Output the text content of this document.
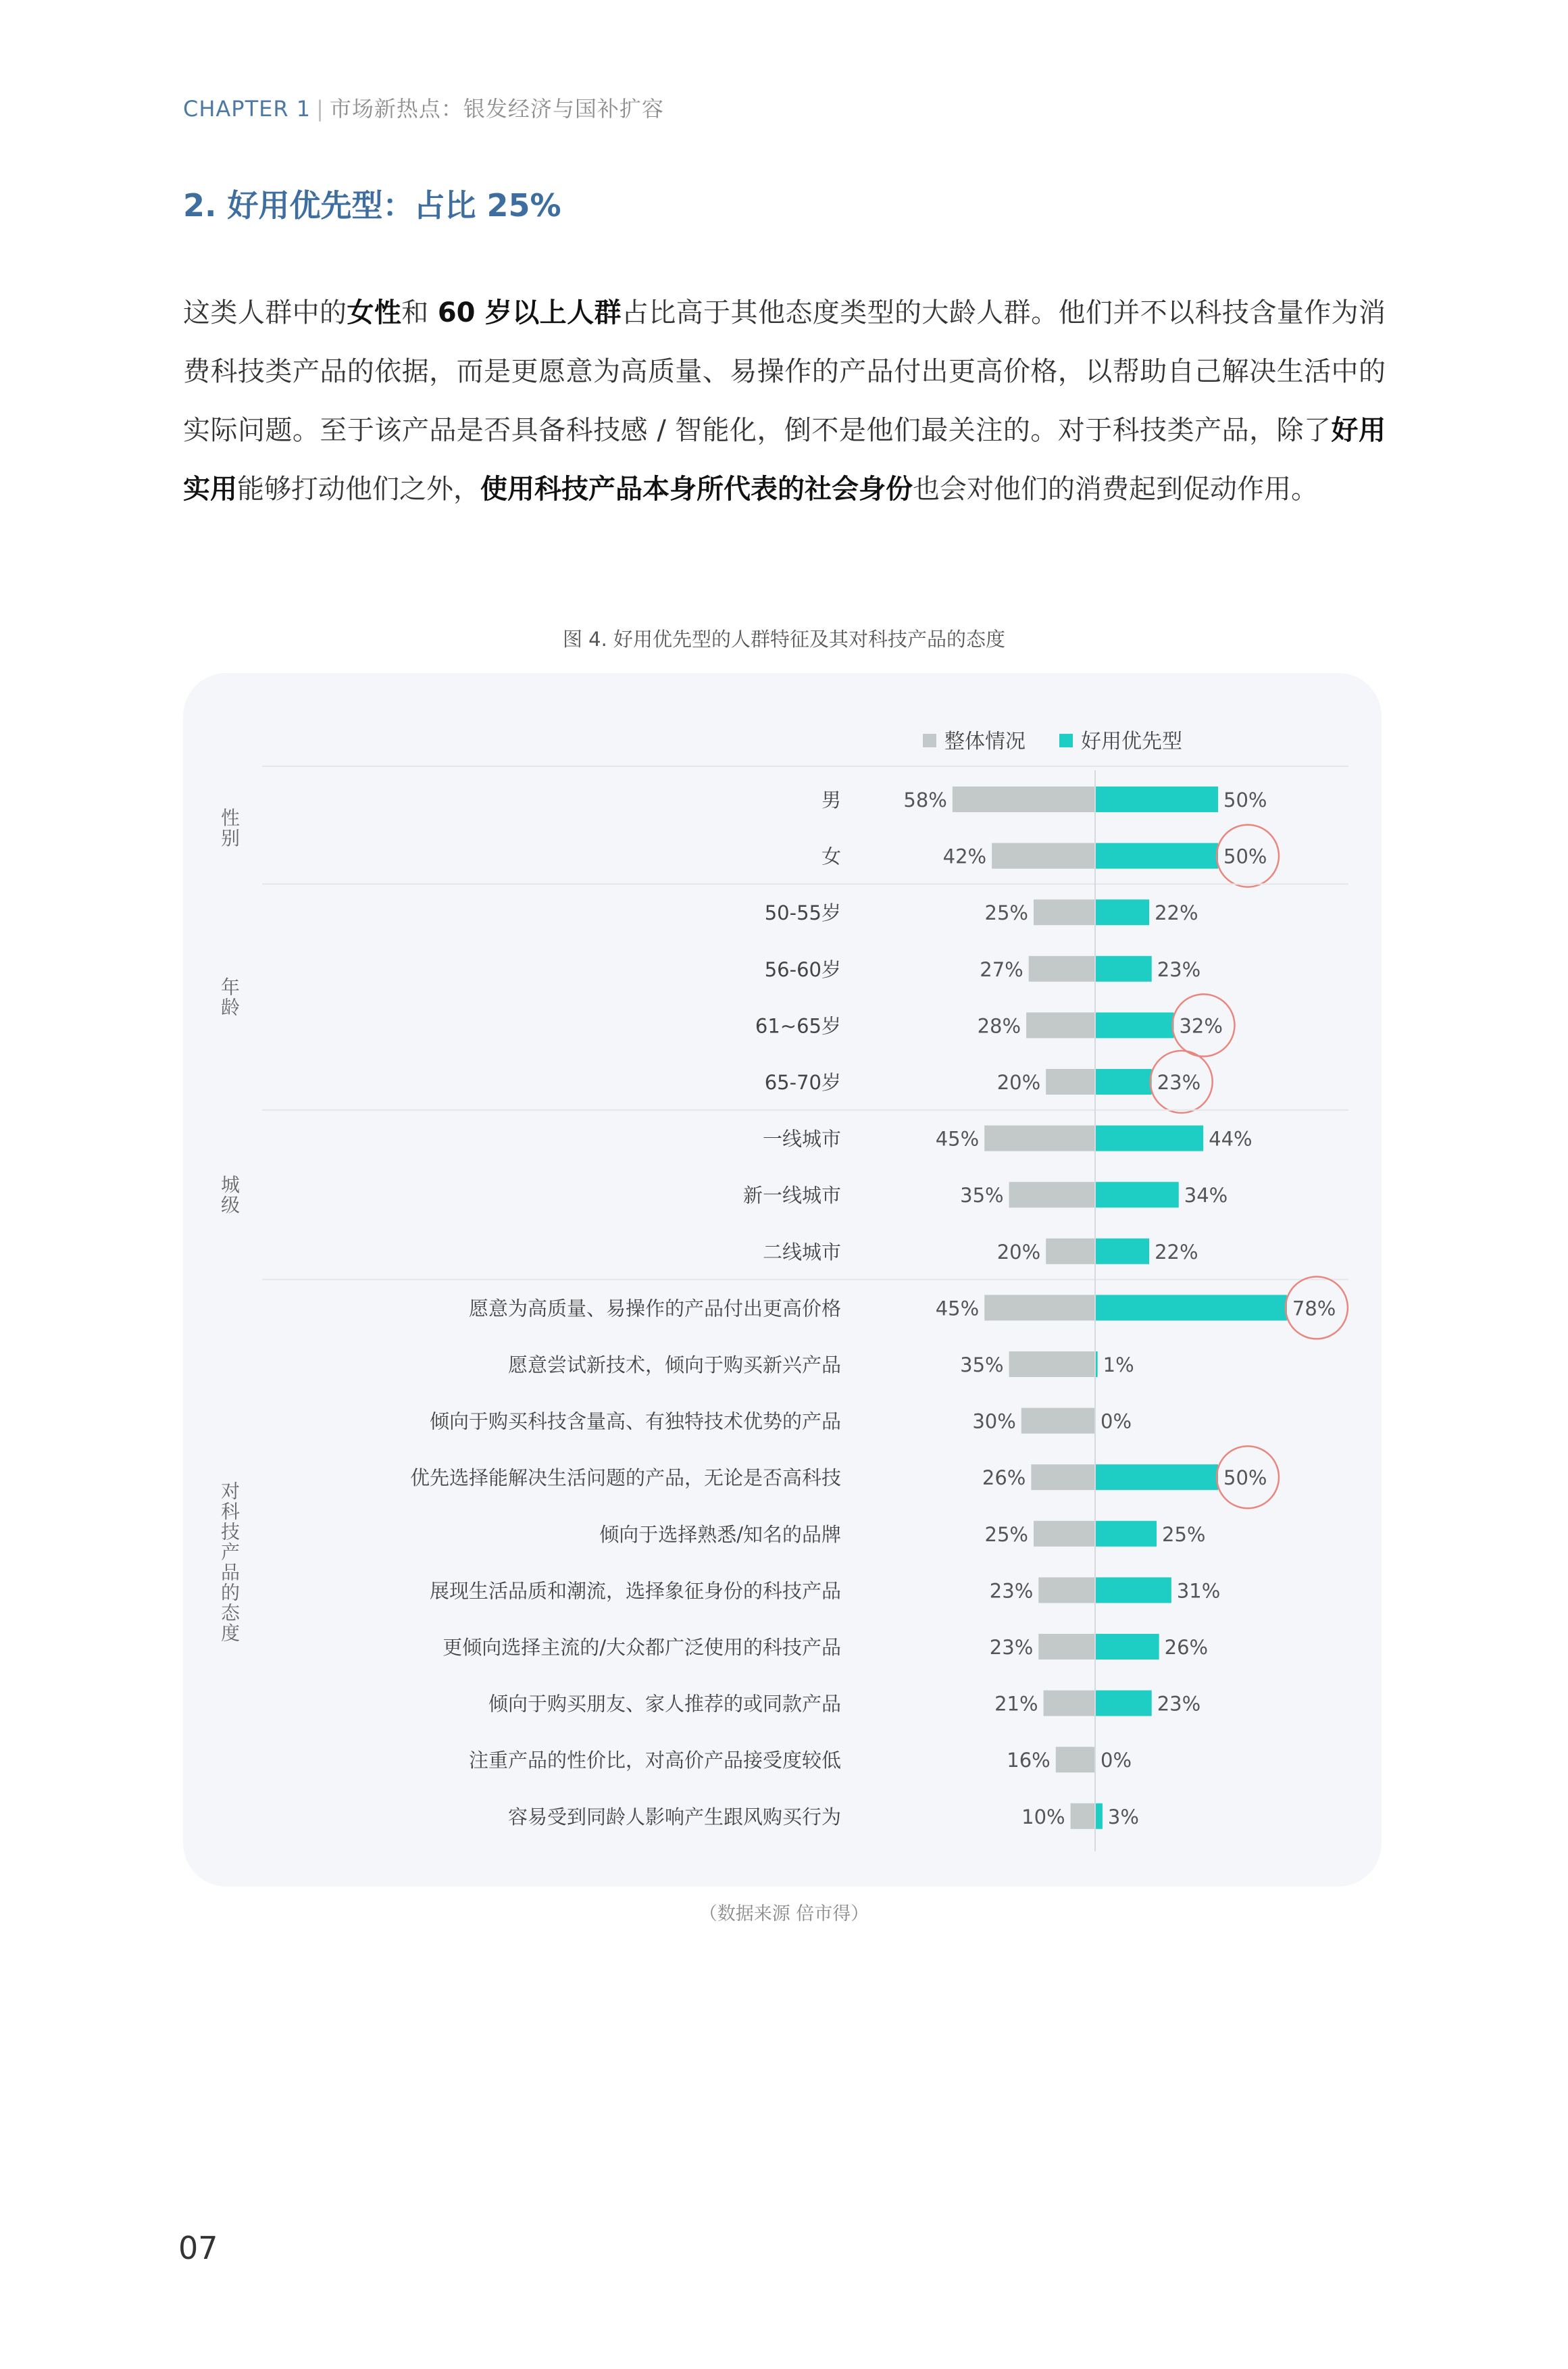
CHAPTER 1 | 市场新热点：银发经济与国补扩容
2. 好用优先型：占比 25%
这类人群中的女性和 60 岁以上人群占比高于其他态度类型的大龄人群。他们并不以科技含量作为消费科技类产品的依据，而是更愿意为高质量、易操作的产品付出更高价格，以帮助自己解决生活中的实际问题。至于该产品是否具备科技感 / 智能化，倒不是他们最关注的。对于科技类产品，除了好用实用能够打动他们之外，使用科技产品本身所代表的社会身份也会对他们的消费起到促动作用。
图 4. 好用优先型的人群特征及其对科技产品的态度
整体情况	好用优先型
男	58%	50%
女	42%	50%
性别
50-55岁	25%	22%
56-60岁	27%	23%
61~65岁	28%	32%
65-70岁	20%	23%
年龄
一线城市	45%	44%
新一线城市	35%	34%
二线城市	20%	22%
城级
愿意为高质量、易操作的产品付出更高价格	45%	78%
愿意尝试新技术，倾向于购买新兴产品	35%	1%
倾向于购买科技含量高、有独特技术优势的产品	30%	0%
优先选择能解决生活问题的产品，无论是否高科技	26%	50%
倾向于选择熟悉/知名的品牌	25%	25%
展现生活品质和潮流，选择象征身份的科技产品	23%	31%
更倾向选择主流的/大众都广泛使用的科技产品	23%	26%
倾向于购买朋友、家人推荐的或同款产品	21%	23%
注重产品的性价比，对高价产品接受度较低	16%	0%
容易受到同龄人影响产生跟风购买行为	10% 3%
对科技产品的态度
（数据来源 倍市得）
07
